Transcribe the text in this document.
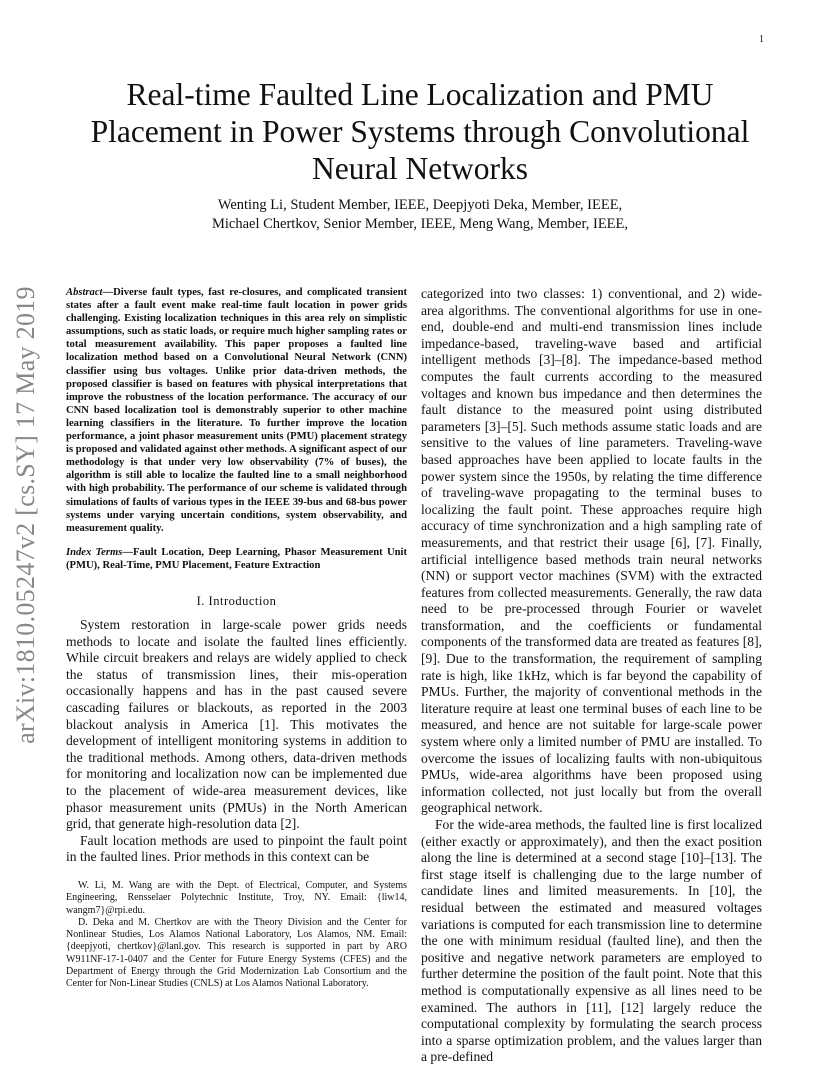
1
arXiv:1810.05247v2 [cs.SY] 17 May 2019
Real-time Faulted Line Localization and PMU Placement in Power Systems through Convolutional Neural Networks
Wenting Li, Student Member, IEEE, Deepjyoti Deka, Member, IEEE,
Michael Chertkov, Senior Member, IEEE, Meng Wang, Member, IEEE,

Abstract—Diverse fault types, fast re-closures, and complicated transient states after a fault event make real-time fault location in power grids challenging. Existing localization techniques in this area rely on simplistic assumptions, such as static loads, or require much higher sampling rates or total measurement availability. This paper proposes a faulted line localization method based on a Convolutional Neural Network (CNN) classifier using bus voltages. Unlike prior data-driven methods, the proposed classifier is based on features with physical interpretations that improve the robustness of the location performance. The accuracy of our CNN based localization tool is demonstrably superior to other machine learning classifiers in the literature. To further improve the location performance, a joint phasor measurement units (PMU) placement strategy is proposed and validated against other methods. A significant aspect of our methodology is that under very low observability (7% of buses), the algorithm is still able to localize the faulted line to a small neighborhood with high probability. The performance of our scheme is validated through simulations of faults of various types in the IEEE 39-bus and 68-bus power systems under varying uncertain conditions, system observability, and measurement quality.

Index Terms—Fault Location, Deep Learning, Phasor Measurement Unit (PMU), Real-Time, PMU Placement, Feature Extraction

I. Introduction

System restoration in large-scale power grids needs methods to locate and isolate the faulted lines efficiently. While circuit breakers and relays are widely applied to check the status of transmission lines, their mis-operation occasionally happens and has in the past caused severe cascading failures or blackouts, as reported in the 2003 blackout analysis in America [1]. This motivates the development of intelligent monitoring systems in addition to the traditional methods. Among others, data-driven methods for monitoring and localization now can be implemented due to the placement of wide-area measurement devices, like phasor measurement units (PMUs) in the North American grid, that generate high-resolution data [2].

Fault location methods are used to pinpoint the fault point in the faulted lines. Prior methods in this context can be

W. Li, M. Wang are with the Dept. of Electrical, Computer, and Systems Engineering, Rensselaer Polytechnic Institute, Troy, NY. Email: {liw14, wangm7}@rpi.edu.

D. Deka and M. Chertkov are with the Theory Division and the Center for Nonlinear Studies, Los Alamos National Laboratory, Los Alamos, NM. Email: {deepjyoti, chertkov}@lanl.gov. This research is supported in part by ARO W911NF-17-1-0407 and the Center for Future Energy Systems (CFES) and the Department of Energy through the Grid Modernization Lab Consortium and the Center for Non-Linear Studies (CNLS) at Los Alamos National Laboratory.

categorized into two classes: 1) conventional, and 2) wide-area algorithms. The conventional algorithms for use in one-end, double-end and multi-end transmission lines include impedance-based, traveling-wave based and artificial intelligent methods [3]–[8]. The impedance-based method computes the fault currents according to the measured voltages and known bus impedance and then determines the fault distance to the measured point using distributed parameters [3]–[5]. Such methods assume static loads and are sensitive to the values of line parameters. Traveling-wave based approaches have been applied to locate faults in the power system since the 1950s, by relating the time difference of traveling-wave propagating to the terminal buses to localizing the fault point. These approaches require high accuracy of time synchronization and a high sampling rate of measurements, and that restrict their usage [6], [7]. Finally, artificial intelligence based methods train neural networks (NN) or support vector machines (SVM) with the extracted features from collected measurements. Generally, the raw data need to be pre-processed through Fourier or wavelet transformation, and the coefficients or fundamental components of the transformed data are treated as features [8], [9]. Due to the transformation, the requirement of sampling rate is high, like 1kHz, which is far beyond the capability of PMUs. Further, the majority of conventional methods in the literature require at least one terminal buses of each line to be measured, and hence are not suitable for large-scale power system where only a limited number of PMU are installed. To overcome the issues of localizing faults with non-ubiquitous PMUs, wide-area algorithms have been proposed using information collected, not just locally but from the overall geographical network.

For the wide-area methods, the faulted line is first localized (either exactly or approximately), and then the exact position along the line is determined at a second stage [10]–[13]. The first stage itself is challenging due to the large number of candidate lines and limited measurements. In [10], the residual between the estimated and measured voltages variations is computed for each transmission line to determine the one with minimum residual (faulted line), and then the positive and negative network parameters are employed to further determine the position of the fault point. Note that this method is computationally expensive as all lines need to be examined. The authors in [11], [12] largely reduce the computational complexity by formulating the search process into a sparse optimization problem, and the values larger than a pre-defined
